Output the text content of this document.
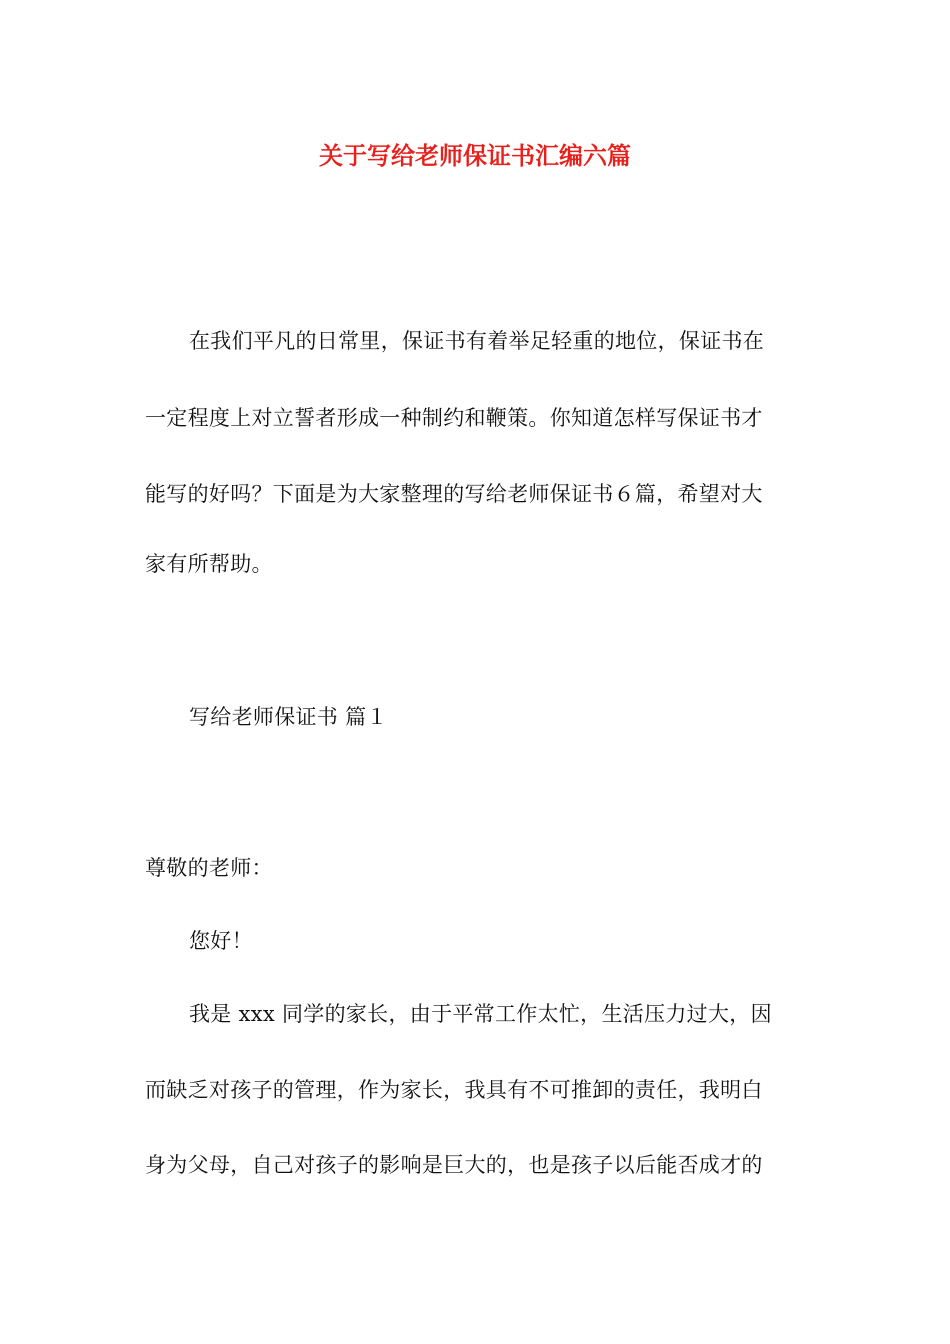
关于写给老师保证书汇编六篇
在我们平凡的日常里，保证书有着举足轻重的地位，保证书在
一定程度上对立誓者形成一种制约和鞭策。你知道怎样写保证书才
能写的好吗？下面是为大家整理的写给老师保证书６篇，希望对大
家有所帮助。
写给老师保证书 篇１
尊敬的老师：
您好！
我是 xxx 同学的家长，由于平常工作太忙，生活压力过大，因
而缺乏对孩子的管理，作为家长，我具有不可推卸的责任，我明白
身为父母，自己对孩子的影响是巨大的，也是孩子以后能否成才的
